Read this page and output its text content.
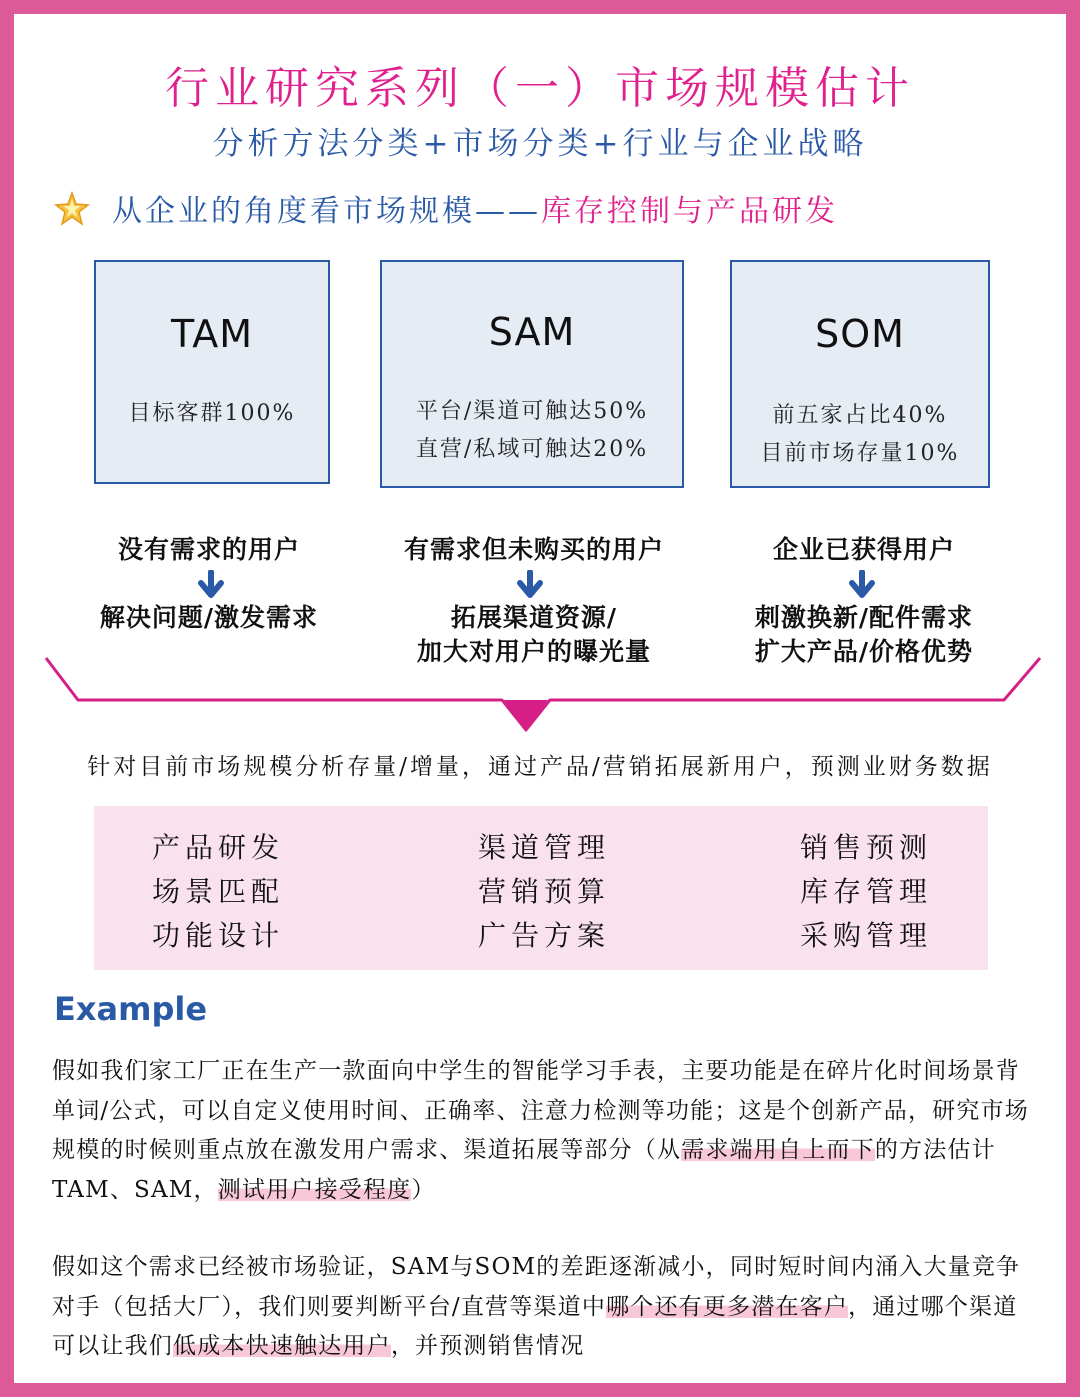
行业研究系列（一）市场规模估计
分析方法分类+市场分类+行业与企业战略
从企业的角度看市场规模——库存控制与产品研发
TAM
目标客群100%
SAM
平台/渠道可触达50%
直营/私域可触达20%
SOM
前五家占比40%
目前市场存量10%
没有需求的用户
解决问题/激发需求
有需求但未购买的用户
拓展渠道资源/
加大对用户的曝光量
企业已获得用户
刺激换新/配件需求
扩大产品/价格优势
针对目前市场规模分析存量/增量，通过产品/营销拓展新用户，预测业财务数据
产品研发
场景匹配
功能设计
渠道管理
营销预算
广告方案
销售预测
库存管理
采购管理
Example
假如我们家工厂正在生产一款面向中学生的智能学习手表，主要功能是在碎片化时间场景背单词/公式，可以自定义使用时间、正确率、注意力检测等功能；这是个创新产品，研究市场规模的时候则重点放在激发用户需求、渠道拓展等部分（从需求端用自上而下的方法估计TAM、SAM，测试用户接受程度）
假如这个需求已经被市场验证，SAM与SOM的差距逐渐减小，同时短时间内涌入大量竞争对手（包括大厂），我们则要判断平台/直营等渠道中哪个还有更多潜在客户，通过哪个渠道可以让我们低成本快速触达用户，并预测销售情况
